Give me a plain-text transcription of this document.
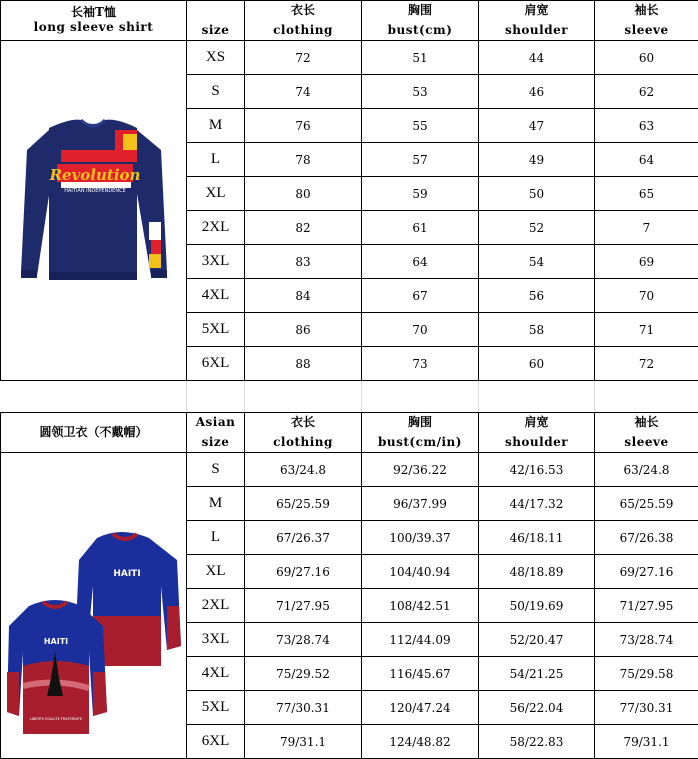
长袖T恤
long sleeve shirt		衣长	胸围	肩宽	袖长
	size	clothing	bust(cm)	shoulder	sleeve

Revolution
HAITIAN INDEPENDENCE	XS	72	51	44	60
	S	74	53	46	62
	M	76	55	47	63
	L	78	57	49	64
	XL	80	59	50	65
	2XL	82	61	52	7
	3XL	83	64	54	69
	4XL	84	67	56	70
	5XL	86	70	58	71
	6XL	88	73	60	72
圆领卫衣（不戴帽）	Asian	衣长	胸围	肩宽	袖长
	size	clothing	bust(cm/in)	shoulder	sleeve

HAITI
HAITI
LIBERTE EGALITE FRATERNITE	S	63/24.8	92/36.22	42/16.53	63/24.8
	M	65/25.59	96/37.99	44/17.32	65/25.59
	L	67/26.37	100/39.37	46/18.11	67/26.38
	XL	69/27.16	104/40.94	48/18.89	69/27.16
	2XL	71/27.95	108/42.51	50/19.69	71/27.95
	3XL	73/28.74	112/44.09	52/20.47	73/28.74
	4XL	75/29.52	116/45.67	54/21.25	75/29.58
	5XL	77/30.31	120/47.24	56/22.04	77/30.31
	6XL	79/31.1	124/48.82	58/22.83	79/31.1
